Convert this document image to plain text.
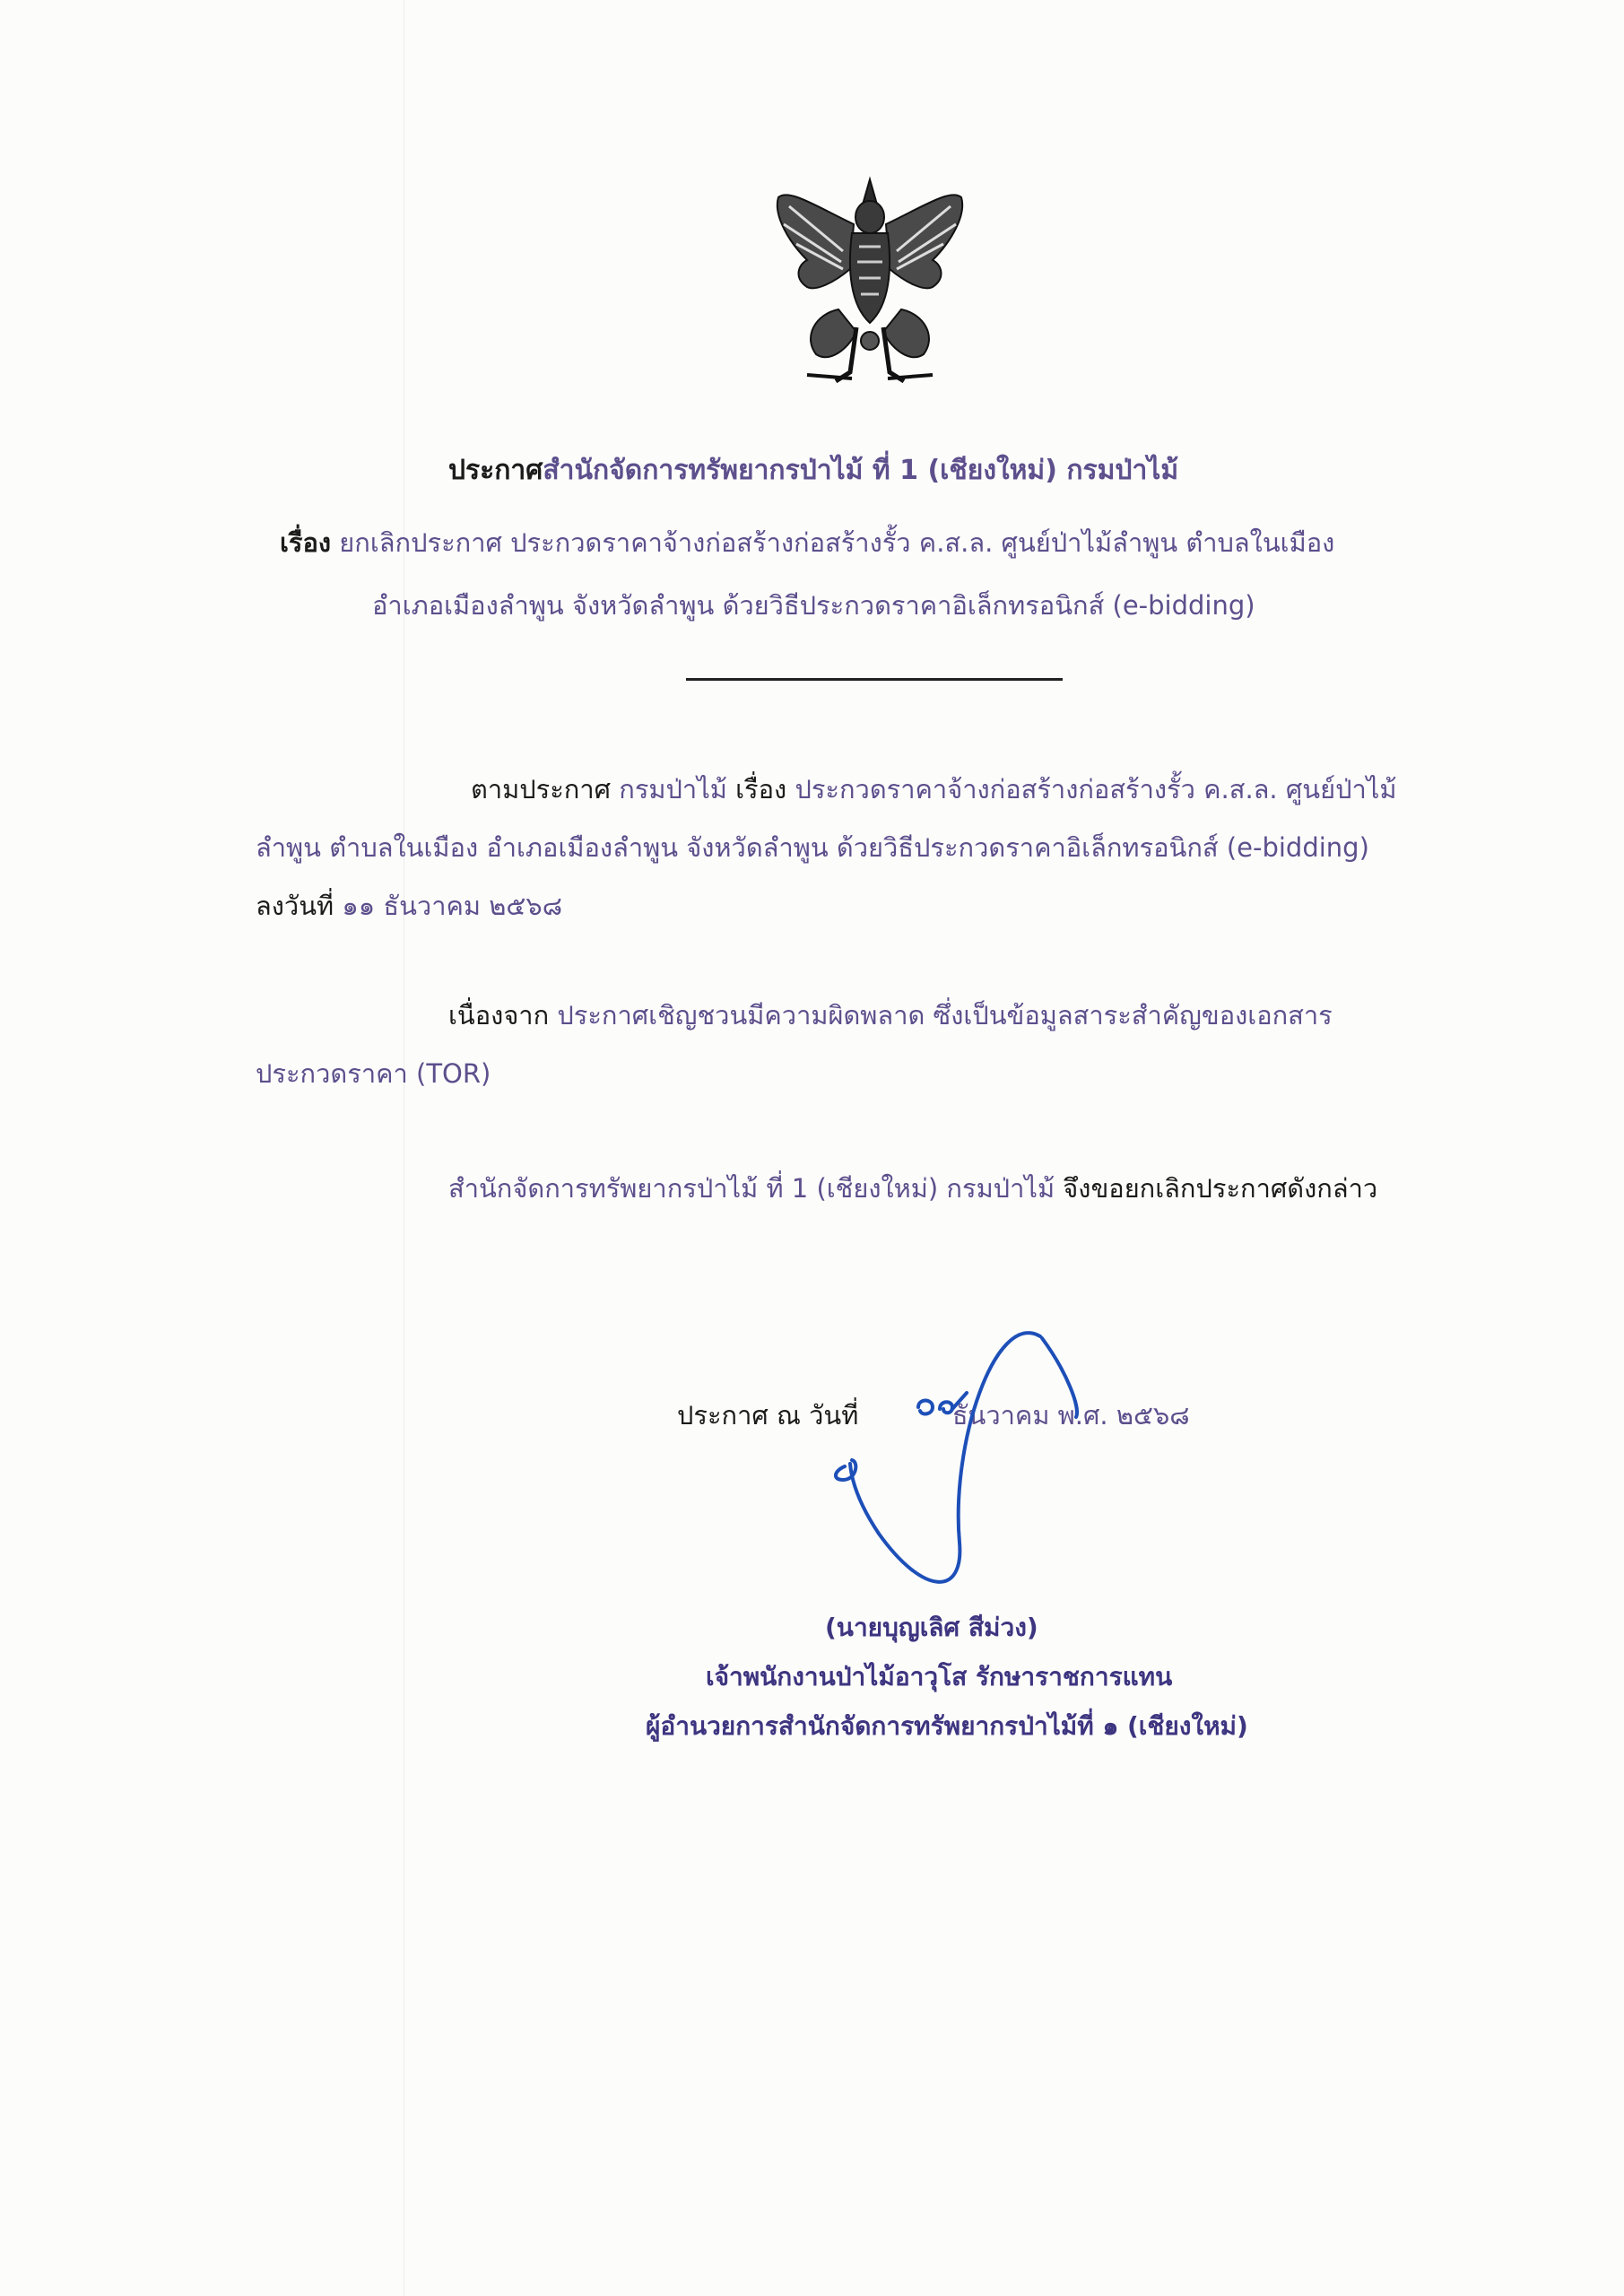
ประกาศสำนักจัดการทรัพยากรป่าไม้ ที่ 1 (เชียงใหม่) กรมป่าไม้
เรื่อง ยกเลิกประกาศ ประกวดราคาจ้างก่อสร้างก่อสร้างรั้ว ค.ส.ล. ศูนย์ป่าไม้ลำพูน ตำบลในเมือง
อำเภอเมืองลำพูน จังหวัดลำพูน ด้วยวิธีประกวดราคาอิเล็กทรอนิกส์ (e-bidding)
ตามประกาศ กรมป่าไม้ เรื่อง ประกวดราคาจ้างก่อสร้างก่อสร้างรั้ว ค.ส.ล. ศูนย์ป่าไม้
ลำพูน ตำบลในเมือง อำเภอเมืองลำพูน จังหวัดลำพูน ด้วยวิธีประกวดราคาอิเล็กทรอนิกส์ (e-bidding)
ลงวันที่ ๑๑ ธันวาคม ๒๕๖๘
เนื่องจาก ประกาศเชิญชวนมีความผิดพลาด ซึ่งเป็นข้อมูลสาระสำคัญของเอกสาร
ประกวดราคา (TOR)
สำนักจัดการทรัพยากรป่าไม้ ที่ 1 (เชียงใหม่) กรมป่าไม้ จึงขอยกเลิกประกาศดังกล่าว
ประกาศ ณ วันที่	ธันวาคม พ.ศ. ๒๕๖๘
(นายบุญเลิศ สีม่วง)
เจ้าพนักงานป่าไม้อาวุโส รักษาราชการแทน
ผู้อำนวยการสำนักจัดการทรัพยากรป่าไม้ที่ ๑ (เชียงใหม่)
